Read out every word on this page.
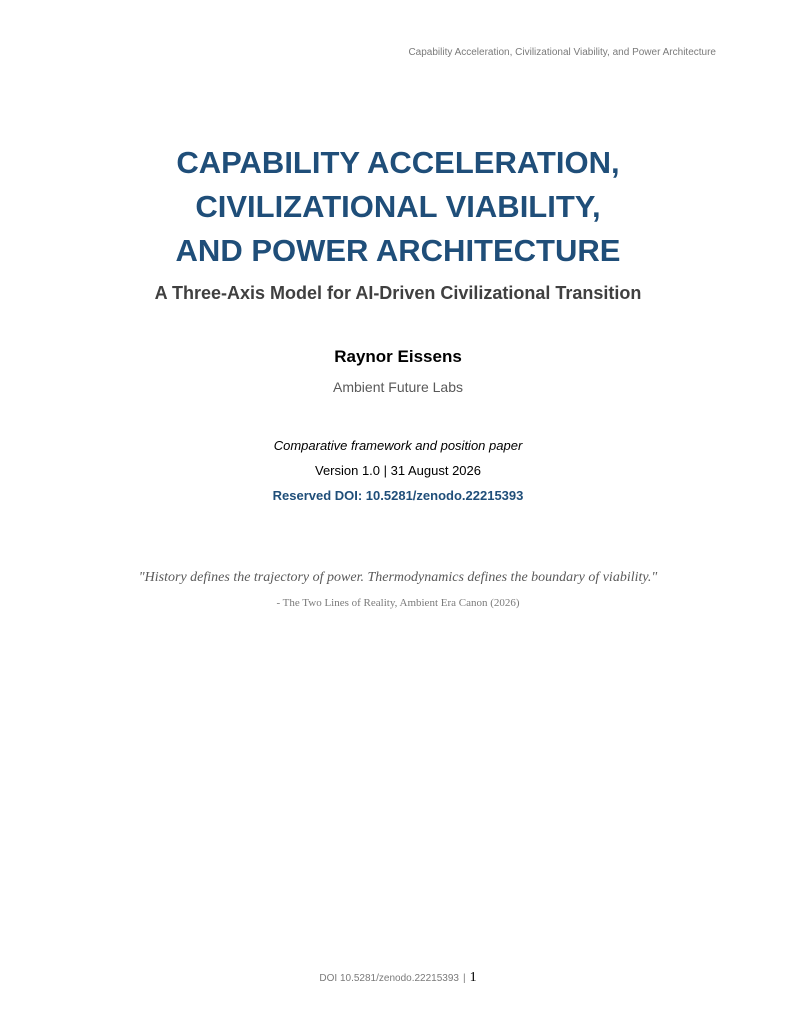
Capability Acceleration, Civilizational Viability, and Power Architecture
CAPABILITY ACCELERATION,
CIVILIZATIONAL VIABILITY,
AND POWER ARCHITECTURE
A Three-Axis Model for AI-Driven Civilizational Transition
Raynor Eissens
Ambient Future Labs
Comparative framework and position paper
Version 1.0 | 31 August 2026
Reserved DOI: 10.5281/zenodo.22215393
"History defines the trajectory of power. Thermodynamics defines the boundary of viability."
- The Two Lines of Reality, Ambient Era Canon (2026)
DOI 10.5281/zenodo.22215393 | 1
